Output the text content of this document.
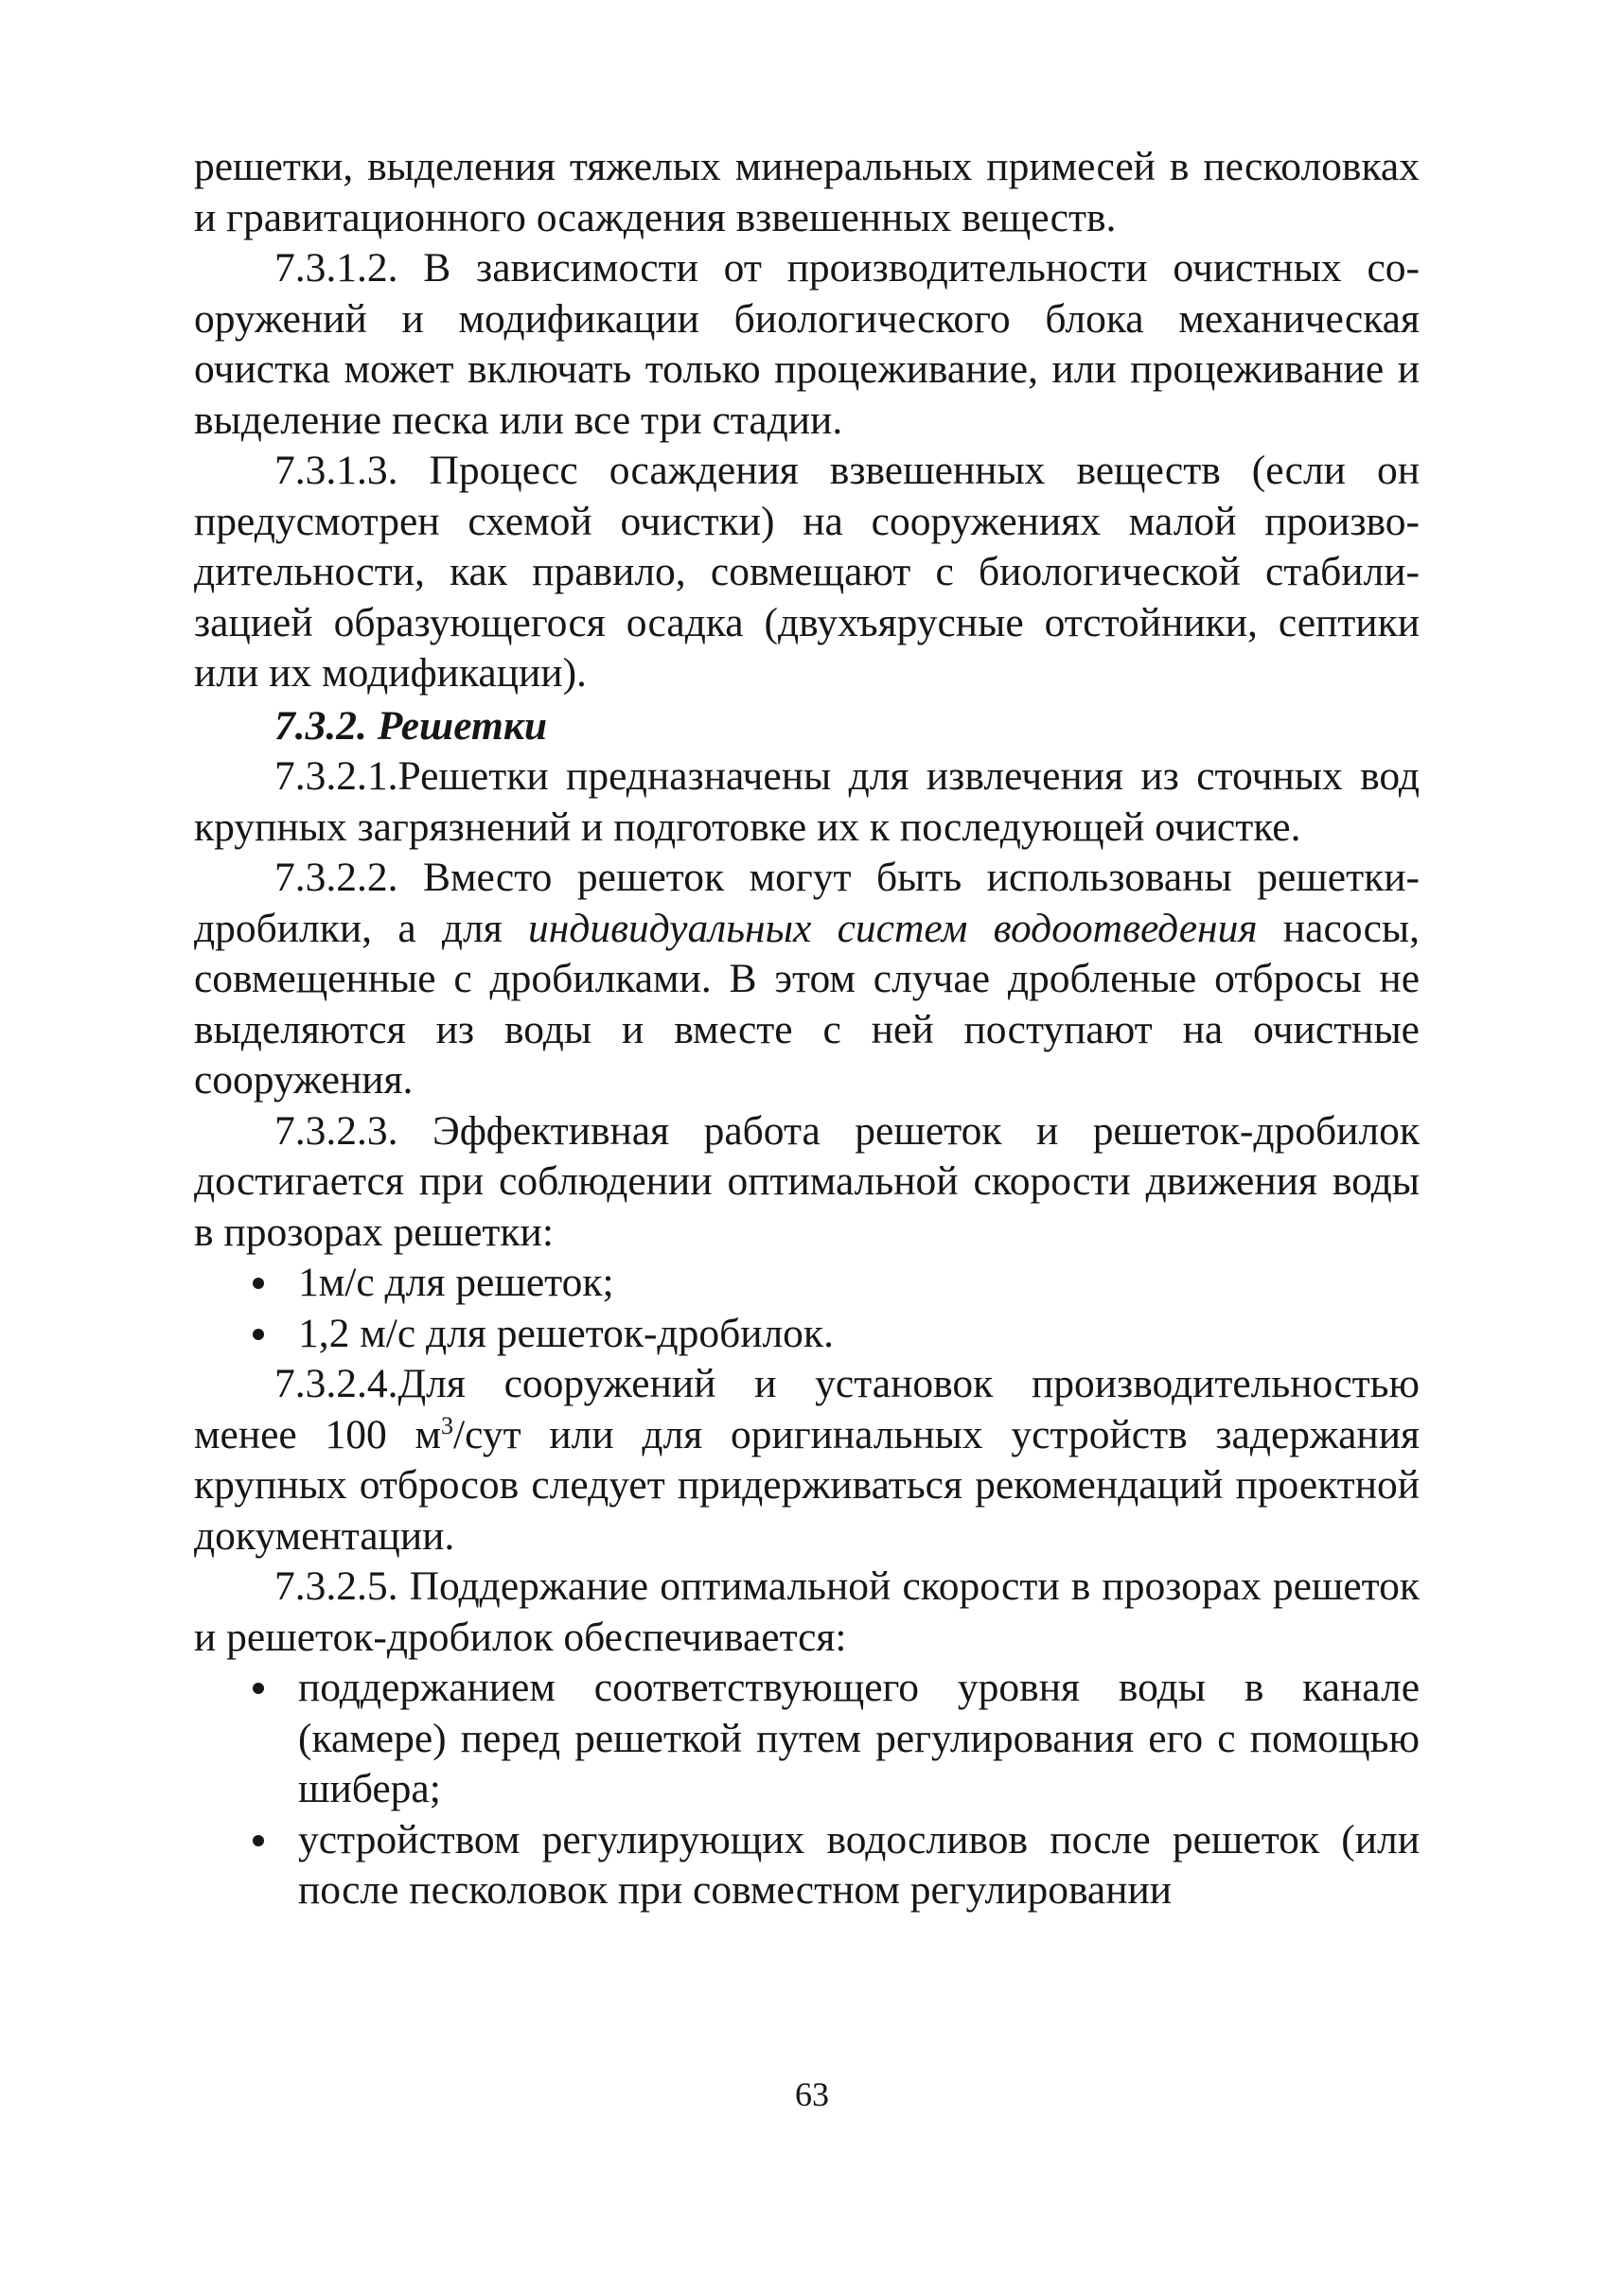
решетки, выделения тяжелых минеральных примесей в песколовках и гравитационного осаждения взвешенных веществ.

7.3.1.2. В зависимости от производительности очистных сооружений и модификации биологического блока механическая очистка может включать только процеживание, или процеживание и выделение песка или все три стадии.

7.3.1.3. Процесс осаждения взвешенных веществ (если он предусмотрен схемой очистки) на сооружениях малой производительности, как правило, совмещают с биологической стабилизацией образующегося осадка (двухъярусные отстойники, септики или их модификации).

7.3.2. Решетки

7.3.2.1.Решетки предназначены для извлечения из сточных вод крупных загрязнений и подготовке их к последующей очистке.

7.3.2.2. Вместо решеток могут быть использованы решетки-дробилки, а для индивидуальных систем водоотведения насосы, совмещенные с дробилками. В этом случае дробленые отбросы не выделяются из воды и вместе с ней поступают на очистные сооружения.

7.3.2.3. Эффективная работа решеток и решеток-дробилок достигается при соблюдении оптимальной скорости движения воды в прозорах решетки:

1м/с для решеток;
1,2 м/с для решеток-дробилок.

7.3.2.4.Для сооружений и установок производительностью менее 100 $м^3$/сут или для оригинальных устройств задержания крупных отбросов следует придерживаться рекомендаций проектной документации.

7.3.2.5. Поддержание оптимальной скорости в прозорах решеток и решеток-дробилок обеспечивается:

поддержанием соответствующего уровня воды в канале (камере) перед решеткой путем регулирования его с помощью шибера;
устройством регулирующих водосливов после решеток (или после песколовок при совместном регулировании
63
